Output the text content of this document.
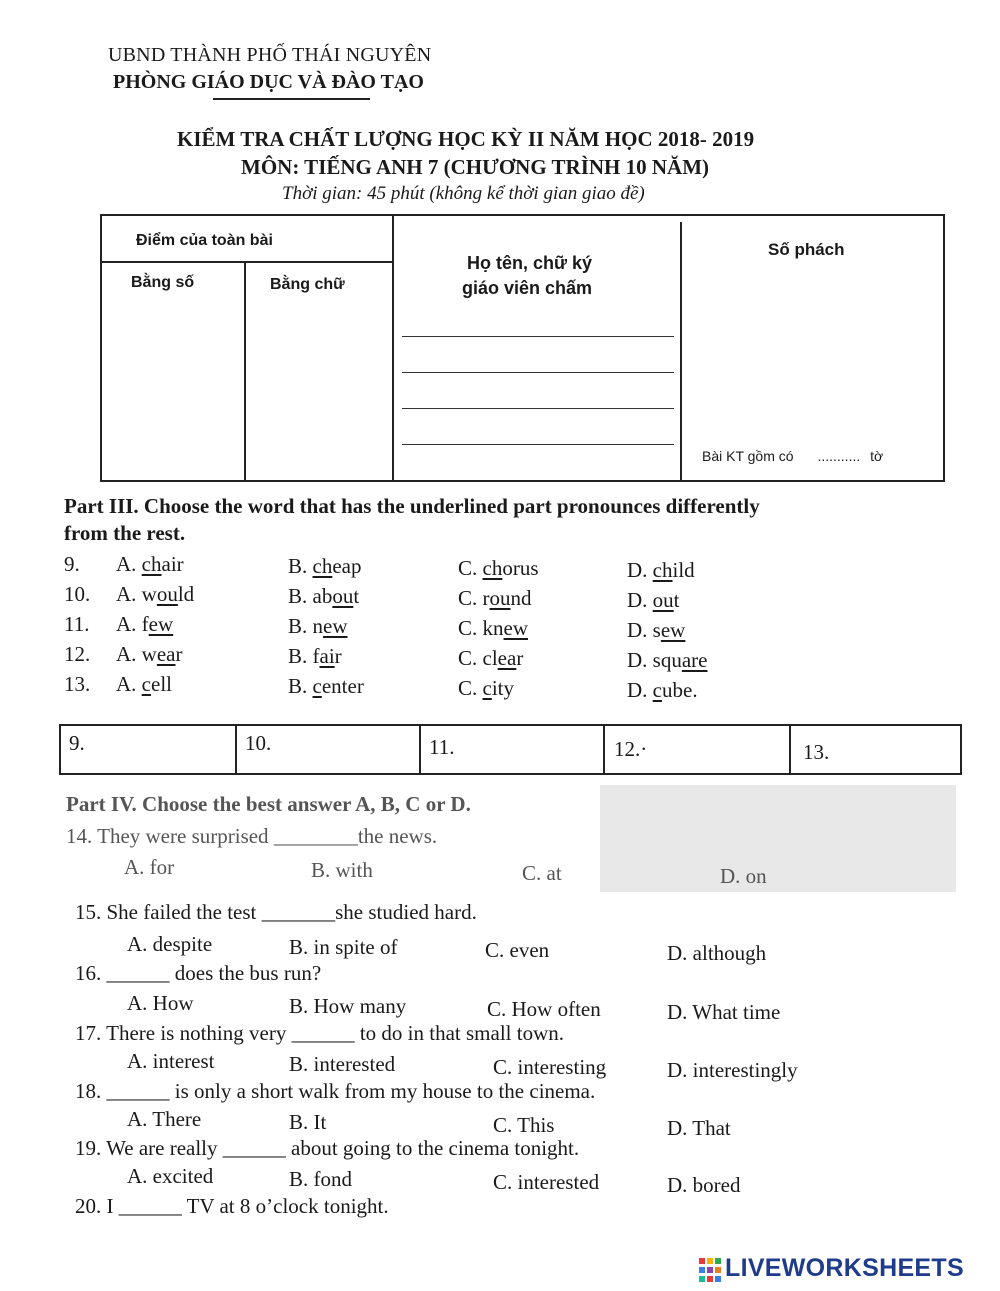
UBND THÀNH PHỐ THÁI NGUYÊN
PHÒNG GIÁO DỤC VÀ ĐÀO TẠO
KIỂM TRA CHẤT LƯỢNG HỌC KỲ II NĂM HỌC 2018- 2019
MÔN: TIẾNG ANH 7 (CHƯƠNG TRÌNH 10 NĂM)
Thời gian: 45 phút (không kể thời gian giao đề)
Điểm của toàn bài
Bằng số	Bằng chữ
Họ tên, chữ ký
giáo viên chấm
Số phách
Bài KT gồm có ........... tờ
Part III. Choose the word that has the underlined part pronounces differently
from the rest.
9. A. chair	B. cheap	C. chorus	D. child
10. A. would	B. about	C. round	D. out
11. A. few	B. new	C. knew	D. sew
12. A. wear	B. fair	C. clear	D. square
13. A. cell	B. center	C. city	D. cube.
9.	10.	11.	12.·	13.
Part IV. Choose the best answer A, B, C or D.
14. They were surprised ________the news.
A. for	B. with	C. at	D. on
15. She failed the test _______she studied hard.
A. despite	B. in spite of	C. even	D. although
16. ______ does the bus run?
A. How	B. How many	C. How often	D. What time
17. There is nothing very ______ to do in that small town.
A. interest	B. interested	C. interesting	D. interestingly
18. ______ is only a short walk from my house to the cinema.
A. There	B. It	C. This	D. That
19. We are really ______ about going to the cinema tonight.
A. excited	B. fond	C. interested	D. bored
20. I ______ TV at 8 o’clock tonight.
LIVEWORKSHEETS
